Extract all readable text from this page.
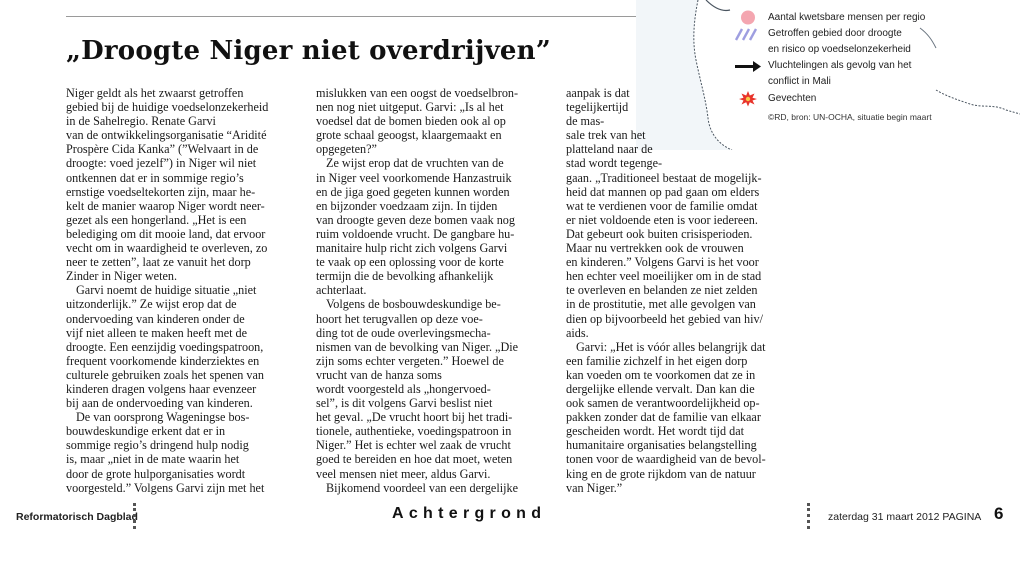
Aantal kwetsbare mensen per regio
Getroffen gebied door droogte
en risico op voedselonzekerheid
Vluchtelingen als gevolg van het
conflict in Mali
Gevechten
©RD, bron: UN-OCHA, situatie begin maart
„Droogte Niger niet overdrijven”

Niger geldt als het zwaarst getroffen

gebied bij de huidige voedselonzekerheid

in de Sahelregio. Renate Garvi

van de ontwikkelingsorganisatie “Aridité

Prospère Cida Kanka” (”Welvaart in de

droogte: voed jezelf”) in Niger wil niet

ontkennen dat er in sommige regio’s

ernstige voedseltekorten zijn, maar he-

kelt de manier waarop Niger wordt neer-

gezet als een hongerland. „Het is een

belediging om dit mooie land, dat ervoor

vecht om in waardigheid te overleven, zo

neer te zetten”, laat ze vanuit het dorp

Zinder in Niger weten.

Garvi noemt de huidige situatie „niet

uitzonderlijk.” Ze wijst erop dat de

ondervoeding van kinderen onder de

vijf niet alleen te maken heeft met de

droogte. Een eenzijdig voedingspatroon,

frequent voorkomende kinderziektes en

culturele gebruiken zoals het spenen van

kinderen dragen volgens haar evenzeer

bij aan de ondervoeding van kinderen.

De van oorsprong Wageningse bos-

bouwdeskundige erkent dat er in

sommige regio’s dringend hulp nodig

is, maar „niet in de mate waarin het

door de grote hulporganisaties wordt

voorgesteld.” Volgens Garvi zijn met het

mislukken van een oogst de voedselbron-

nen nog niet uitgeput. Garvi: „Is al het

voedsel dat de bomen bieden ook al op

grote schaal geoogst, klaargemaakt en

opgegeten?”

Ze wijst erop dat de vruchten van de

in Niger veel voorkomende Hanzastruik

en de jiga goed gegeten kunnen worden

en bijzonder voedzaam zijn. In tijden

van droogte geven deze bomen vaak nog

ruim voldoende vrucht. De gangbare hu-

manitaire hulp richt zich volgens Garvi

te vaak op een oplossing voor de korte

termijn die de bevolking afhankelijk

achterlaat.

Volgens de bosbouwdeskundige be-

hoort het terugvallen op deze voe-

ding tot de oude overlevingsmecha-

nismen van de bevolking van Niger. „Die

zijn soms echter vergeten.” Hoewel de

vrucht van de hanza soms

wordt voorgesteld als „hongervoed-

sel”, is dit volgens Garvi beslist niet

het geval. „De vrucht hoort bij het tradi-

tionele, authentieke, voedingspatroon in

Niger.” Het is echter wel zaak de vrucht

goed te bereiden en hoe dat moet, weten

veel mensen niet meer, aldus Garvi.

Bijkomend voordeel van een dergelijke

aanpak is dat

tegelijkertijd

de mas-

sale trek van het

platteland naar de

stad wordt tegenge-

gaan. „Traditioneel bestaat de mogelijk-

heid dat mannen op pad gaan om elders

wat te verdienen voor de familie omdat

er niet voldoende eten is voor iedereen.

Dat gebeurt ook buiten crisisperioden.

Maar nu vertrekken ook de vrouwen

en kinderen.” Volgens Garvi is het voor

hen echter veel moeilijker om in de stad

te overleven en belanden ze niet zelden

in de prostitutie, met alle gevolgen van

dien op bijvoorbeeld het gebied van hiv/

aids.

Garvi: „Het is vóór alles belangrijk dat

een familie zichzelf in het eigen dorp

kan voeden om te voorkomen dat ze in

dergelijke ellende vervalt. Dan kan die

ook samen de verantwoordelijkheid op-

pakken zonder dat de familie van elkaar

gescheiden wordt. Het wordt tijd dat

humanitaire organisaties belangstelling

tonen voor de waardigheid van de bevol-

king en de grote rijkdom van de natuur

van Niger.”

Reformatorisch Dagblad	Achtergrond	zaterdag 31 maart 2012 PAGINA 6
